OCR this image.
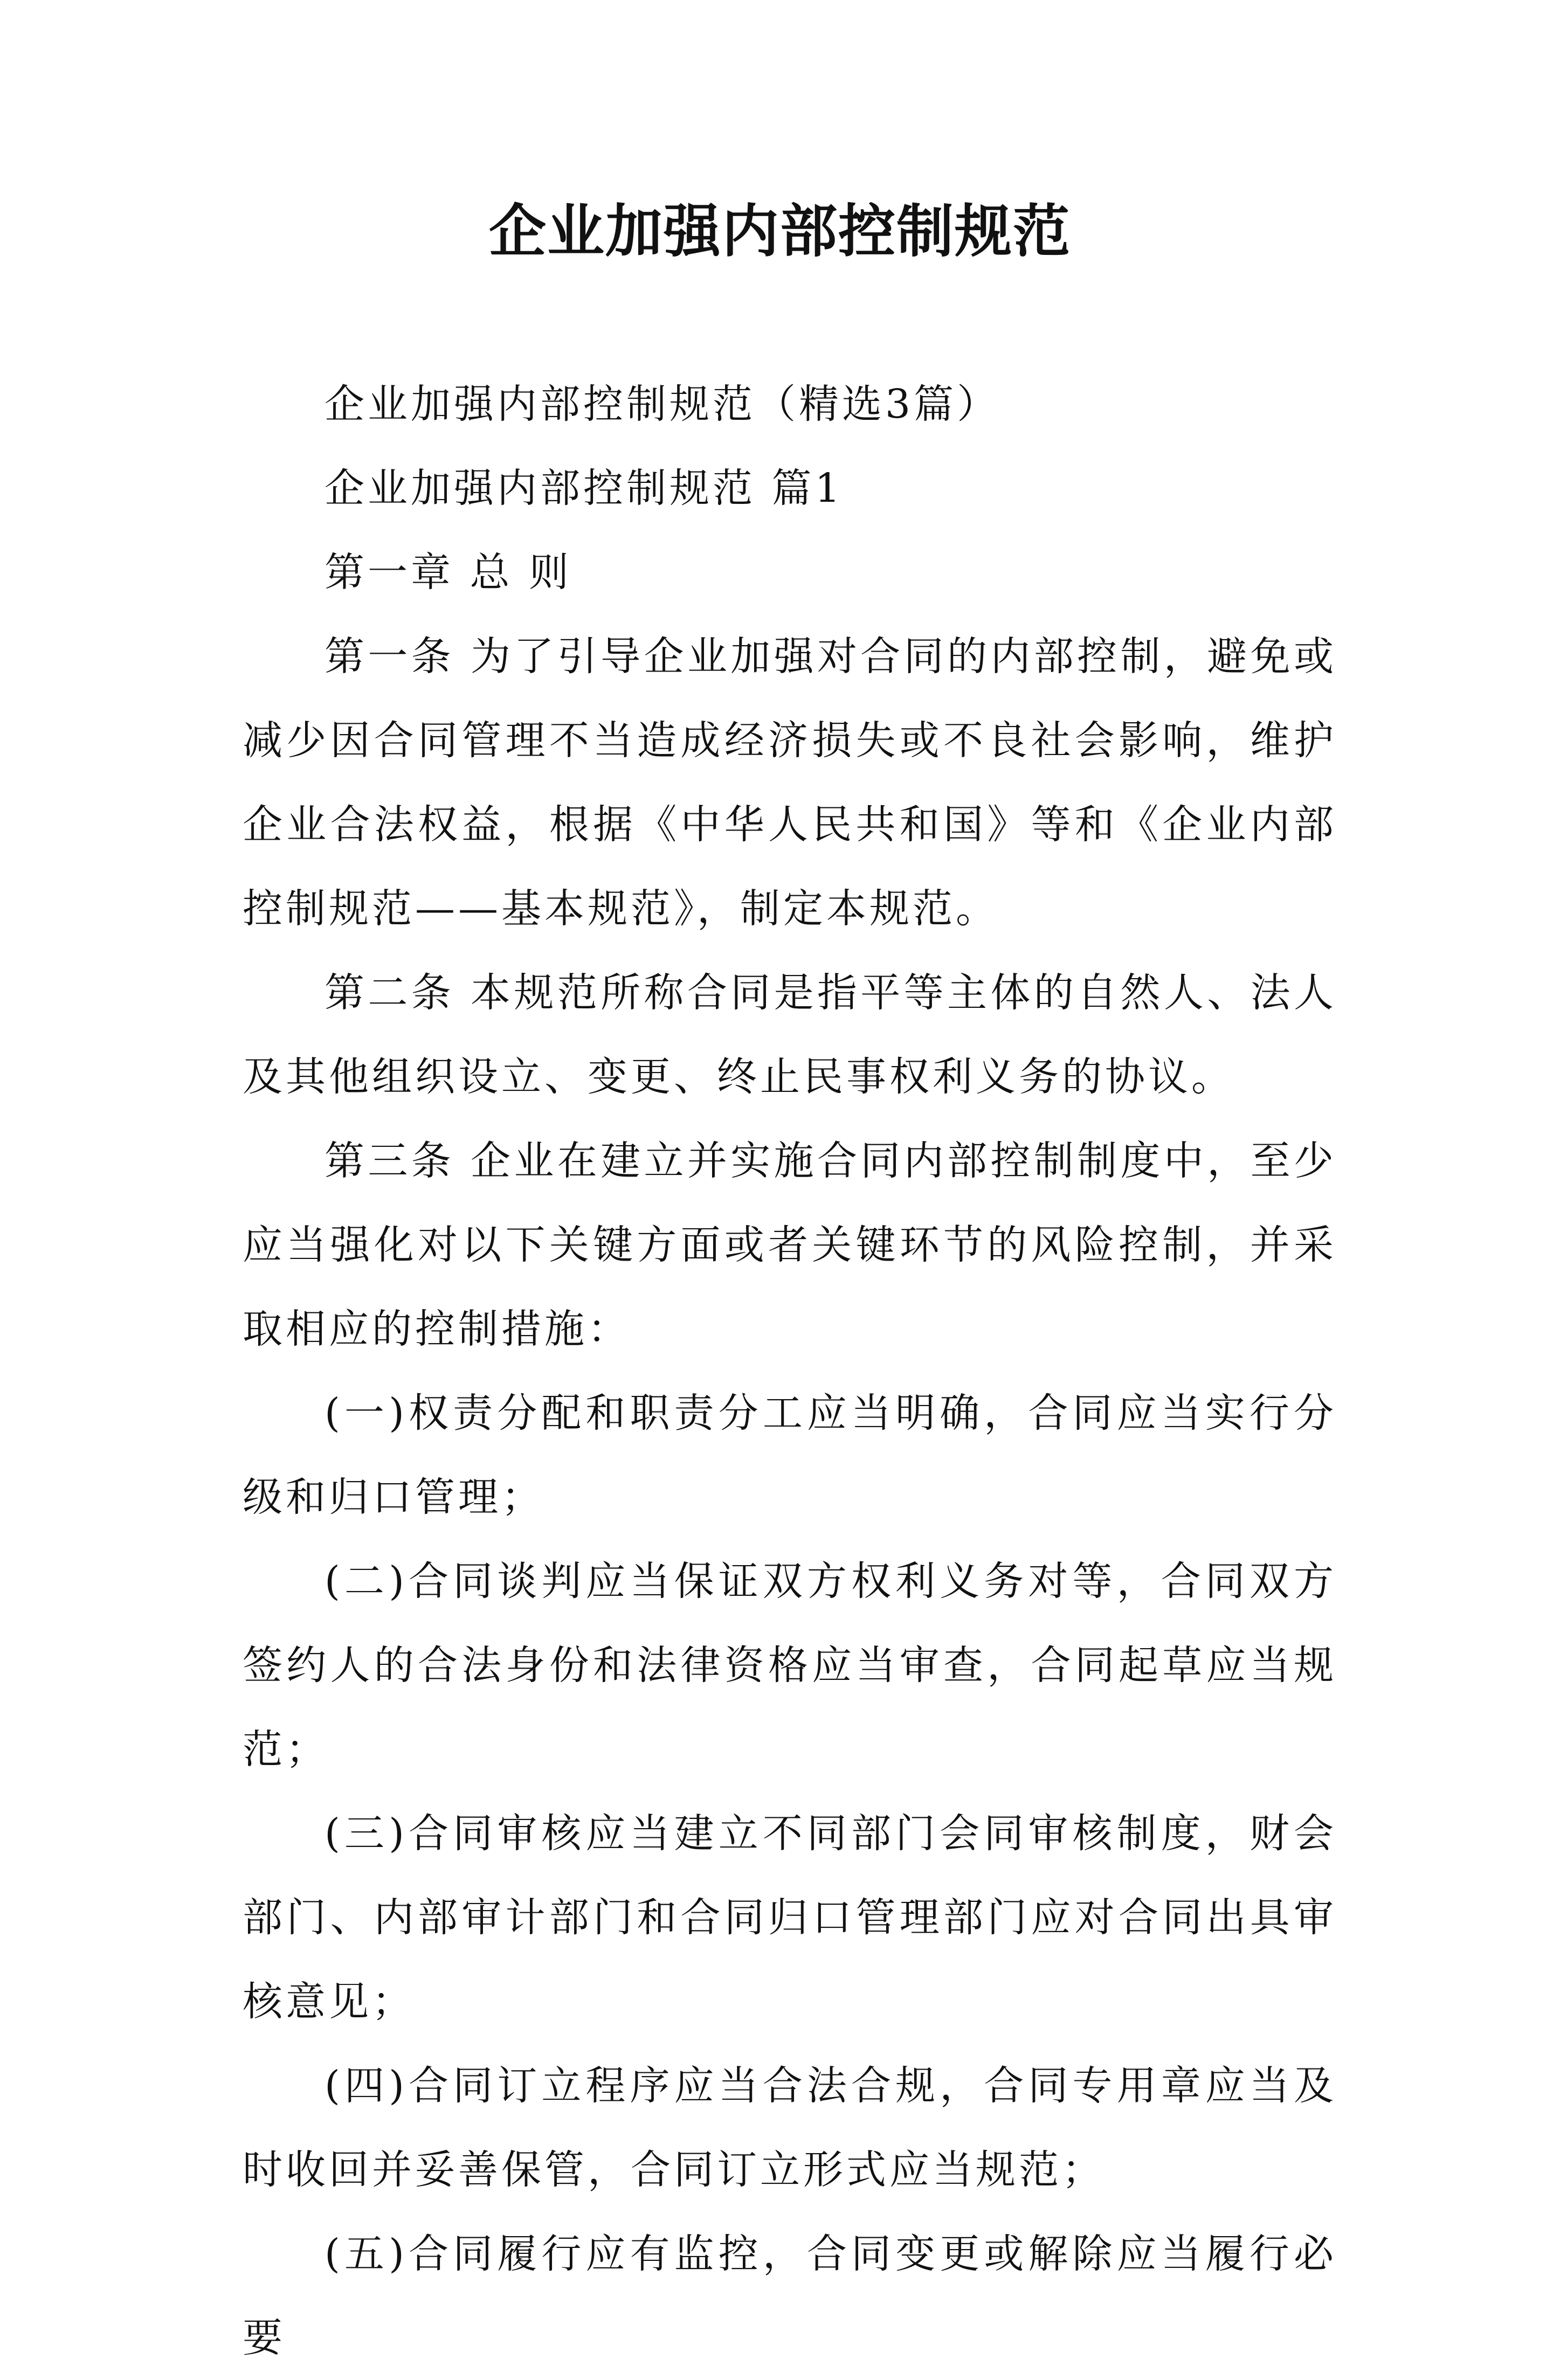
企业加强内部控制规范

企业加强内部控制规范（精选3篇）

企业加强内部控制规范 篇1

第一章 总 则

第一条 为了引导企业加强对合同的内部控制，避免或减少因合同管理不当造成经济损失或不良社会影响，维护企业合法权益，根据《中华人民共和国》等和《企业内部控制规范——基本规范》，制定本规范。

第二条 本规范所称合同是指平等主体的自然人、法人及其他组织设立、变更、终止民事权利义务的协议。

第三条 企业在建立并实施合同内部控制制度中，至少应当强化对以下关键方面或者关键环节的风险控制，并采取相应的控制措施：

(一)权责分配和职责分工应当明确，合同应当实行分级和归口管理；

(二)合同谈判应当保证双方权利义务对等，合同双方签约人的合法身份和法律资格应当审查，合同起草应当规范；

(三)合同审核应当建立不同部门会同审核制度，财会部门、内部审计部门和合同归口管理部门应对合同出具审核意见；

(四)合同订立程序应当合法合规，合同专用章应当及时收回并妥善保管，合同订立形式应当规范；

(五)合同履行应有监控，合同变更或解除应当履行必要
